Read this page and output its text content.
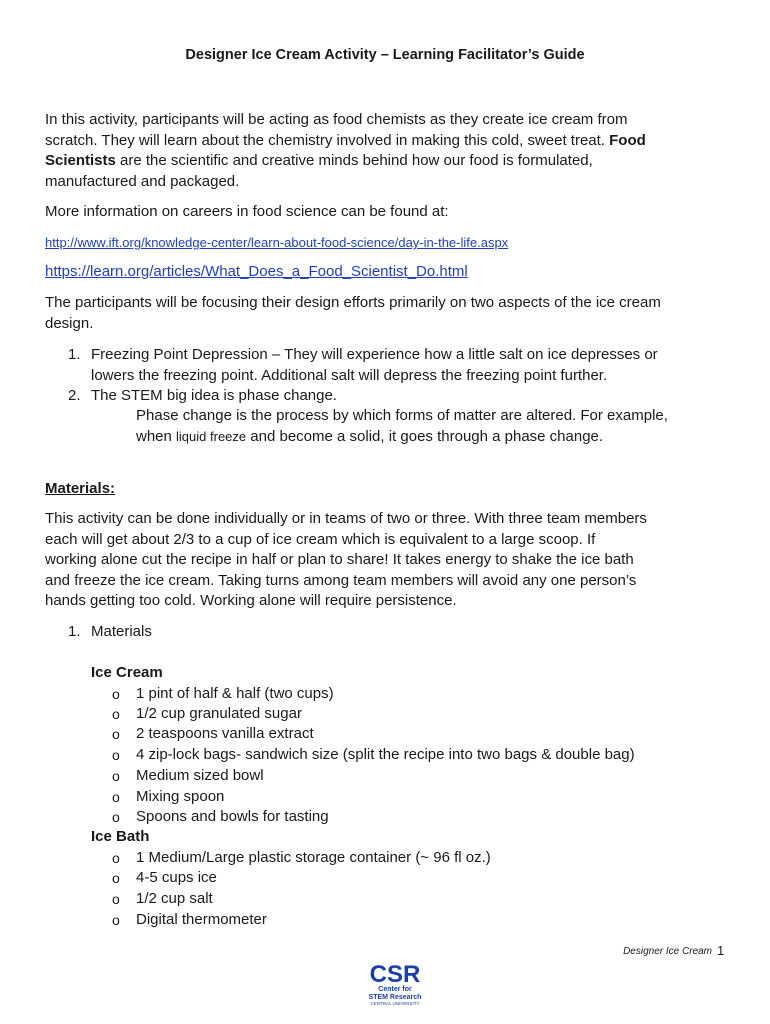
Designer Ice Cream Activity – Learning Facilitator’s Guide
In this activity, participants will be acting as food chemists as they create ice cream from
scratch. They will learn about the chemistry involved in making this cold, sweet treat. Food
Scientists are the scientific and creative minds behind how our food is formulated,
manufactured and packaged.
More information on careers in food science can be found at:
http://www.ift.org/knowledge-center/learn-about-food-science/day-in-the-life.aspx
https://learn.org/articles/What_Does_a_Food_Scientist_Do.html
The participants will be focusing their design efforts primarily on two aspects of the ice cream
design.
1. Freezing Point Depression – They will experience how a little salt on ice depresses or
lowers the freezing point. Additional salt will depress the freezing point further.
2. The STEM big idea is phase change.
Phase change is the process by which forms of matter are altered. For example,
when liquid freeze and become a solid, it goes through a phase change.
Materials:
This activity can be done individually or in teams of two or three. With three team members
each will get about 2/3 to a cup of ice cream which is equivalent to a large scoop. If
working alone cut the recipe in half or plan to share! It takes energy to shake the ice bath
and freeze the ice cream. Taking turns among team members will avoid any one person’s
hands getting too cold. Working alone will require persistence.
1. Materials
Ice Cream
o 1 pint of half & half (two cups)
o 1/2 cup granulated sugar
o 2 teaspoons vanilla extract
o 4 zip-lock bags- sandwich size (split the recipe into two bags & double bag)
o Medium sized bowl
o Mixing spoon
o Spoons and bowls for tasting
Ice Bath
o 1 Medium/Large plastic storage container (~ 96 fl oz.)
o 4-5 cups ice
o 1/2 cup salt
o Digital thermometer
Designer Ice Cream 1
CSR
Center for
STEM Research
CENTRAL UNIVERSITY
